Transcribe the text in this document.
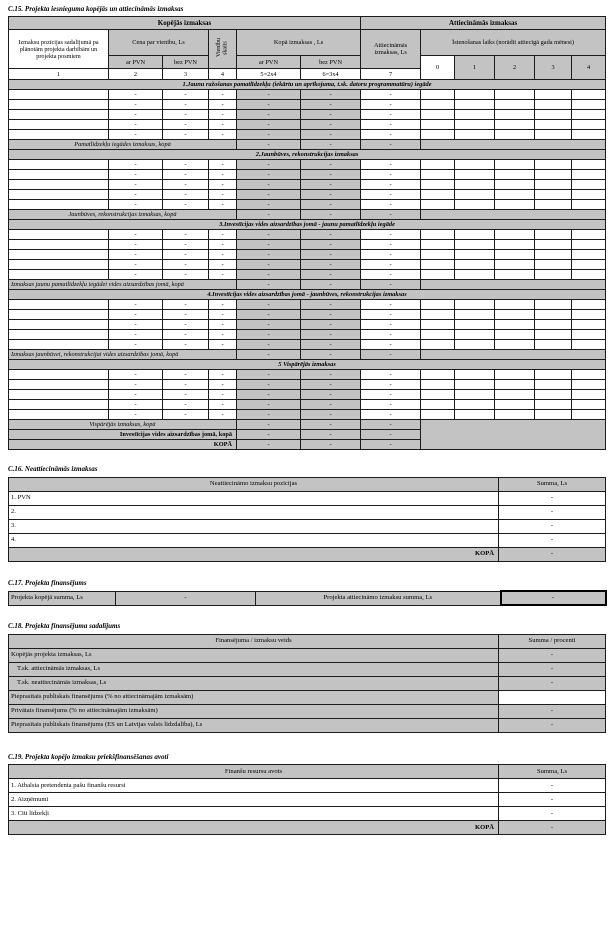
C.15. Projekta iesnieguma kopējās un attiecināmās izmaksas

Kopējās izmaksas						Attiecināmās izmaksas					
Izmaksu pozīcijas sadalījumā pa plānotām projekta darbībām un projekta posmiem	Cena par vienību, Ls		Vienību skaits	Kopā izmaksas , Ls		Attiecināmās izmaksas, Ls	Īstenošanas laiks (norādīt attiecīgā gada mēnesi)				
	ar PVN	bez PVN		ar PVN	bez PVN		0	1	2	3	4
1	2	3	4	5=2x4	6=3x4	7					
1.Jaunu ražošanas pamatlīdzekļu (iekārtu un aprīkojuma, t.sk. datoru programmatūru) iegāde											
	-	-	-	-	-	-					
	-	-	-	-	-	-					
	-	-	-	-	-	-					
	-	-	-	-	-	-					
	-	-	-	-	-	-					
Pamatlīdzekļu iegādes izmaksas, kopā				-	-	-					
2.Jaunbūves, rekonstrukcijas izmaksas											
	-	-	-	-	-	-					
	-	-	-	-	-	-					
	-	-	-	-	-	-					
	-	-	-	-	-	-					
	-	-	-	-	-	-					
Jaunbūves, rekonstrukcijas izmaksas, kopā				-	-	-					
3.Investīcijas vides aizsardzības jomā - jaunu pamatlīdzekļu iegāde											
	-	-	-	-	-	-					
	-	-	-	-	-	-					
	-	-	-	-	-	-					
	-	-	-	-	-	-					
	-	-	-	-	-	-					
Izmaksas jaunu pamatlīdzekļu iegādei vides aizsardzības jomā, kopā				-	-	-					
4.Investīcijas vides aizsardzības jomā - jaunbūves, rekonstrukcijas izmaksas											
	-	-	-	-	-	-					
	-	-	-	-	-	-					
	-	-	-	-	-	-					
	-	-	-	-	-	-					
	-	-	-	-	-	-					
Izmaksas jaunbūvei, rekonstrukcijai vides aizsardzības jomā, kopā				-	-	-					
5 Vispārējās izmaksas											
	-	-	-	-	-	-					
	-	-	-	-	-	-					
	-	-	-	-	-	-					
	-	-	-	-	-	-					
	-	-	-	-	-	-					
Vispārējās izmaksas, kopā				-	-	-					
Investīcijas vides aizsardzības jomā, kopā				-	-	-					
KOPĀ				-	-	-					

C.16. Neattiecināmās izmaksas

Neattiecināmo izmaksu pozīcijas	Summa, Ls
1. PVN	-
2.	-
3.	-
4.	-
KOPĀ	-

C.17. Projekta finansējums

Projekta kopējā summa, Ls	-	Projekta attiecināmo izmaksu summa, Ls	-

C.18. Projekta finansējuma sadalījums

Finansējuma / izmaksu veids	Summa / procenti
Kopējās projekta izmaksas, Ls	-
T.sk. attiecināmās izmaksas, Ls	-
T.sk. neattiecināmās izmaksas, Ls	-
Pieprasītais publiskais finansējums (% no attiecināmajām izmaksām)	
Privātais finansējums (% no attiecināmajām izmaksām)	-
Pieprasītais publiskais finansējums (ES un Latvijas valsts līdzdalība), Ls	-

C.19. Projekta kopējo izmaksu priekšfinansēšanas avoti

Finanšu resursu avots	Summa, Ls
1. Atbalsta pretendenta pašu finanšu resursi	-
2. Aizņēmumi	-
3. Citi līdzekļi	-
KOPĀ	-
